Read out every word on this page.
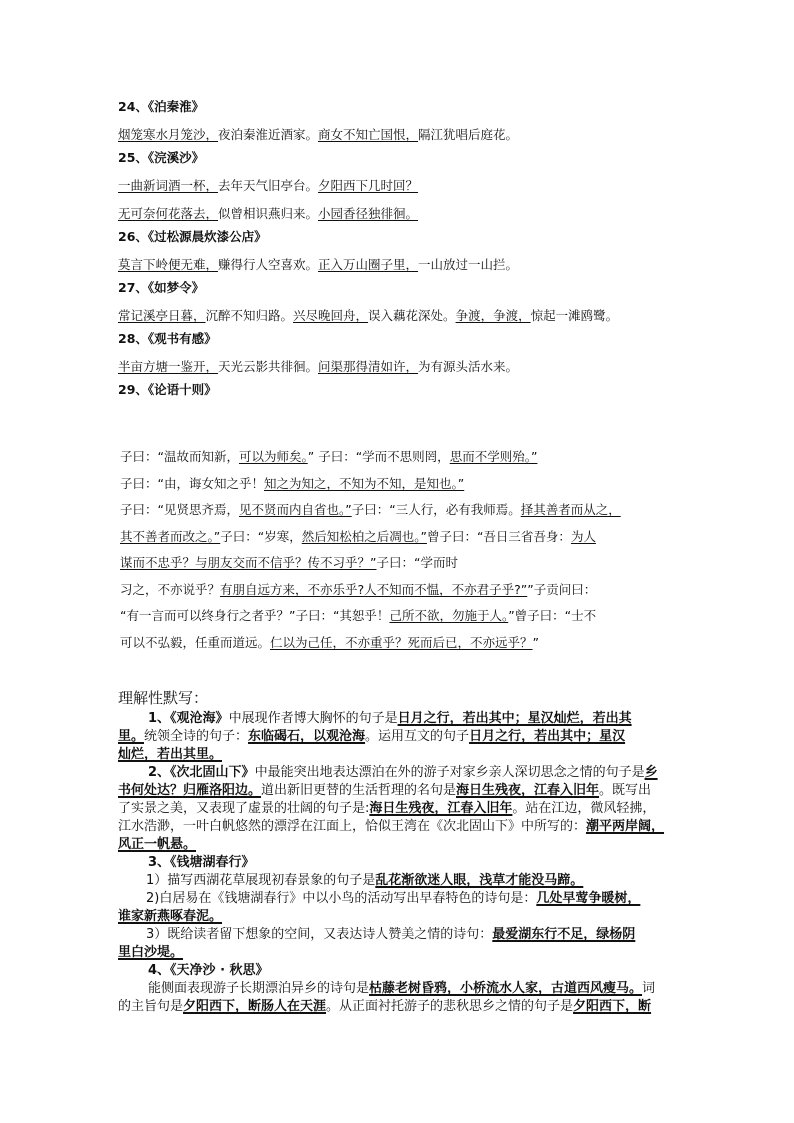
24、《泊秦淮》
烟笼寒水月笼沙，夜泊秦淮近酒家。商女不知亡国恨，隔江犹唱后庭花。
25、《浣溪沙》
一曲新词酒一杯，去年天气旧亭台。夕阳西下几时回？
无可奈何花落去，似曾相识燕归来。小园香径独徘徊。
26、《过松源晨炊漆公店》
莫言下岭便无难，赚得行人空喜欢。正入万山圈子里，一山放过一山拦。
27、《如梦令》
常记溪亭日暮，沉醉不知归路。兴尽晚回舟，误入藕花深处。争渡，争渡，惊起一滩鸥鹭。
28、《观书有感》
半亩方塘一鉴开，天光云影共徘徊。问渠那得清如许，为有源头活水来。
29、《论语十则》
子曰：“温故而知新，可以为师矣。” 子曰：“学而不思则罔，思而不学则殆。”
子曰：“由，诲女知之乎！知之为知之，不知为不知，是知也。”
子曰：“见贤思齐焉，见不贤而内自省也。”子曰：“三人行，必有我师焉。择其善者而从之，
其不善者而改之。”子曰：“岁寒，然后知松柏之后凋也。”曾子曰：“吾日三省吾身：为人
谋而不忠乎？与朋友交而不信乎？传不习乎？”子曰：“学而时
习之，不亦说乎？有朋自远方来，不亦乐乎?人不知而不愠，不亦君子乎?””子贡问曰：
“有一言而可以终身行之者乎？”子曰：“其恕乎！己所不欲，勿施于人。”曾子曰：“士不
可以不弘毅，任重而道远。仁以为己任，不亦重乎？死而后已，不亦远乎？”
理解性默写：
1、《观沧海》中展现作者博大胸怀的句子是日月之行，若出其中；星汉灿烂，若出其
里。统领全诗的句子：东临碣石，以观沧海。运用互文的句子日月之行，若出其中；星汉
灿烂，若出其里。
2、《次北固山下》中最能突出地表达漂泊在外的游子对家乡亲人深切思念之情的句子是乡
书何处达？归雁洛阳边。道出新旧更替的生活哲理的名句是海日生残夜，江春入旧年。既写出
了实景之美，又表现了虚景的壮阔的句子是:海日生残夜，江春入旧年。站在江边，微风轻拂，
江水浩渺，一叶白帆悠然的漂浮在江面上，恰似王湾在《次北固山下》中所写的：潮平两岸阔，
风正一帆悬。
3、《钱塘湖春行》
1）描写西湖花草展现初春景象的句子是乱花渐欲迷人眼，浅草才能没马蹄。
2)白居易在《钱塘湖春行》中以小鸟的活动写出早春特色的诗句是：几处早莺争暖树，
谁家新燕啄春泥。
3）既给读者留下想象的空间，又表达诗人赞美之情的诗句：最爱湖东行不足，绿杨阴
里白沙堤。
4、《天净沙 · 秋思》
能侧面表现游子长期漂泊异乡的诗句是枯藤老树昏鸦，小桥流水人家，古道西风瘦马。词
的主旨句是夕阳西下，断肠人在天涯。从正面衬托游子的悲秋思乡之情的句子是夕阳西下，断
